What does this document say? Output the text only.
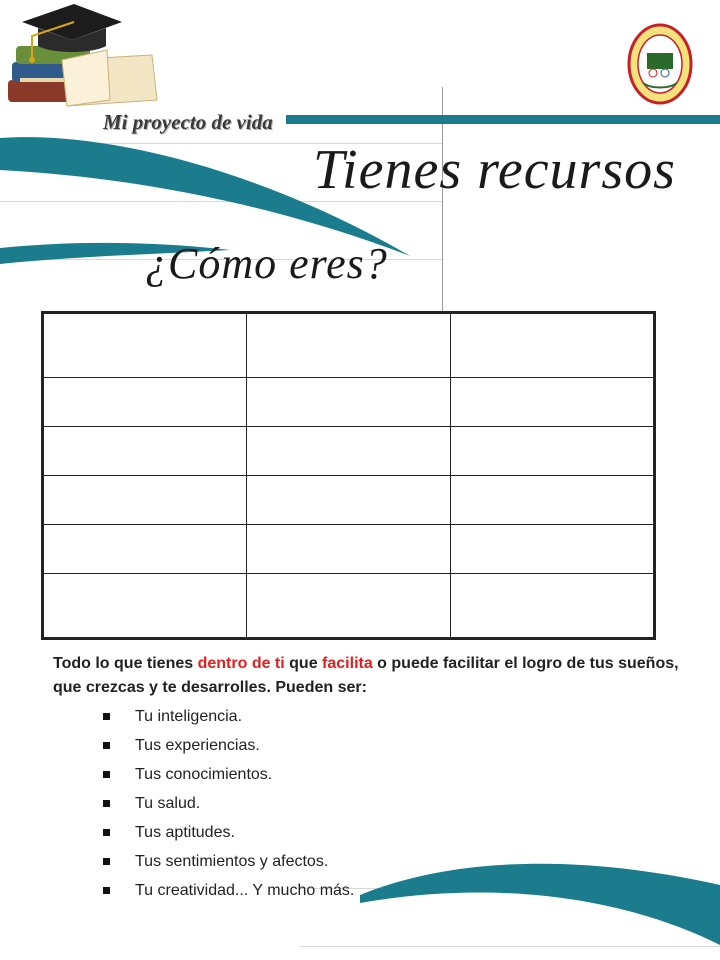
Mi proyecto de vida
Tienes recursos
¿Cómo eres?

Todo lo que tienes dentro de ti que facilita o puede facilitar el logro de tus sueños, que crezcas y te desarrolles. Pueden ser:
Tu inteligencia.
Tus experiencias.
Tus conocimientos.
Tu salud.
Tus aptitudes.
Tus sentimientos y afectos.
Tu creatividad... Y mucho más.
